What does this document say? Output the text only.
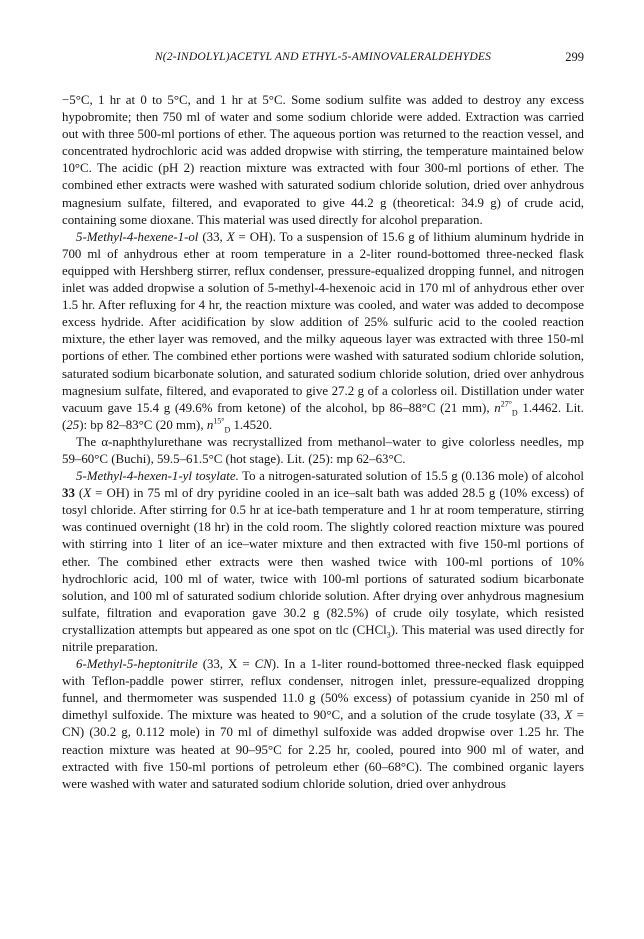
N(2-INDOLYL)ACETYL AND ETHYL-5-AMINOVALERALDEHYDES	299

−5°C, 1 hr at 0 to 5°C, and 1 hr at 5°C. Some sodium sulfite was added to destroy any excess hypobromite; then 750 ml of water and some sodium chloride were added. Extraction was carried out with three 500-ml portions of ether. The aqueous portion was returned to the reaction vessel, and concentrated hydrochloric acid was added dropwise with stirring, the temperature maintained below 10°C. The acidic (pH 2) reaction mixture was extracted with four 300-ml portions of ether. The combined ether extracts were washed with saturated sodium chloride solution, dried over anhydrous magnesium sulfate, filtered, and evaporated to give 44.2 g (theoretical: 34.9 g) of crude acid, containing some dioxane. This material was used directly for alcohol preparation.

5-Methyl-4-hexene-1-ol (33, X = OH). To a suspension of 15.6 g of lithium aluminum hydride in 700 ml of anhydrous ether at room temperature in a 2-liter round-bottomed three-necked flask equipped with Hershberg stirrer, reflux condenser, pressure-equalized dropping funnel, and nitrogen inlet was added dropwise a solution of 5-methyl-4-hexenoic acid in 170 ml of anhydrous ether over 1.5 hr. After refluxing for 4 hr, the reaction mixture was cooled, and water was added to decompose excess hydride. After acidification by slow addition of 25% sulfuric acid to the cooled reaction mixture, the ether layer was removed, and the milky aqueous layer was extracted with three 150-ml portions of ether. The combined ether portions were washed with saturated sodium chloride solution, saturated sodium bicarbonate solution, and saturated sodium chloride solution, dried over anhydrous magnesium sulfate, filtered, and evaporated to give 27.2 g of a colorless oil. Distillation under water vacuum gave 15.4 g (49.6% from ketone) of the alcohol, bp 86–88°C (21 mm), $n^{27^\circ}_D$ 1.4462. Lit. (25): bp 82–83°C (20 mm), $n^{15^\circ}_D$ 1.4520.

The α-naphthylurethane was recrystallized from methanol–water to give colorless needles, mp 59–60°C (Buchi), 59.5–61.5°C (hot stage). Lit. (25): mp 62–63°C.

5-Methyl-4-hexen-1-yl tosylate. To a nitrogen-saturated solution of 15.5 g (0.136 mole) of alcohol 33 (X = OH) in 75 ml of dry pyridine cooled in an ice–salt bath was added 28.5 g (10% excess) of tosyl chloride. After stirring for 0.5 hr at ice-bath temperature and 1 hr at room temperature, stirring was continued overnight (18 hr) in the cold room. The slightly colored reaction mixture was poured with stirring into 1 liter of an ice–water mixture and then extracted with five 150-ml portions of ether. The combined ether extracts were then washed twice with 100-ml portions of 10% hydrochloric acid, 100 ml of water, twice with 100-ml portions of saturated sodium bicarbonate solution, and 100 ml of saturated sodium chloride solution. After drying over anhydrous magnesium sulfate, filtration and evaporation gave 30.2 g (82.5%) of crude oily tosylate, which resisted crystallization attempts but appeared as one spot on tlc (CHCl$_3$). This material was used directly for nitrile preparation.

6-Methyl-5-heptonitrile (33, X = CN). In a 1-liter round-bottomed three-necked flask equipped with Teflon-paddle power stirrer, reflux condenser, nitrogen inlet, pressure-equalized dropping funnel, and thermometer was suspended 11.0 g (50% excess) of potassium cyanide in 250 ml of dimethyl sulfoxide. The mixture was heated to 90°C, and a solution of the crude tosylate (33, X = CN) (30.2 g, 0.112 mole) in 70 ml of dimethyl sulfoxide was added dropwise over 1.25 hr. The reaction mixture was heated at 90–95°C for 2.25 hr, cooled, poured into 900 ml of water, and extracted with five 150-ml portions of petroleum ether (60–68°C). The combined organic layers were washed with water and saturated sodium chloride solution, dried over anhydrous
